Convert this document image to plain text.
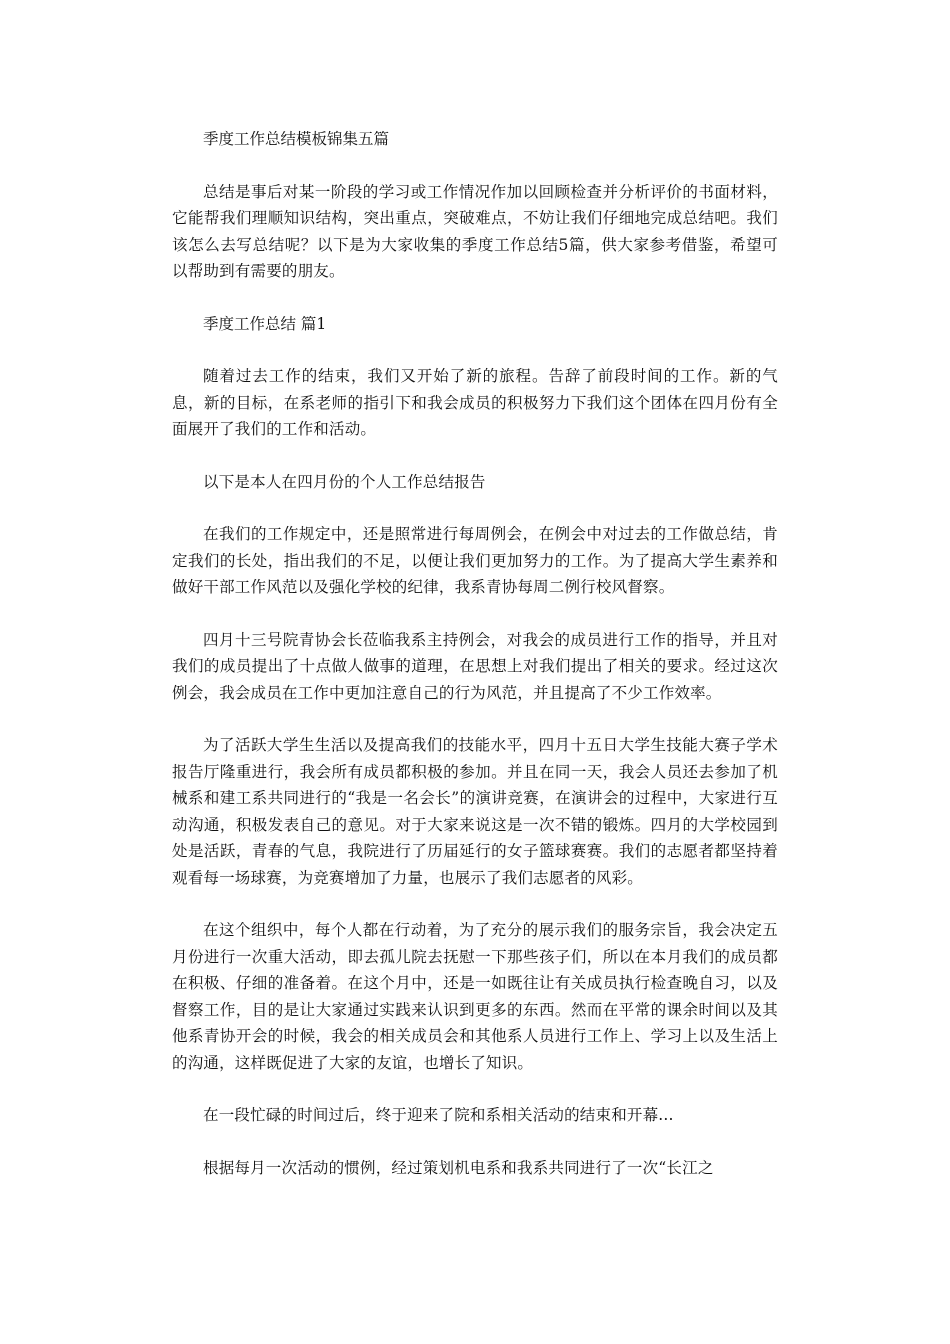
季度工作总结模板锦集五篇

总结是事后对某一阶段的学习或工作情况作加以回顾检查并分析评价的书面材料，它能帮我们理顺知识结构，突出重点，突破难点，不妨让我们仔细地完成总结吧。我们该怎么去写总结呢？以下是为大家收集的季度工作总结5篇，供大家参考借鉴，希望可以帮助到有需要的朋友。

季度工作总结 篇1

随着过去工作的结束，我们又开始了新的旅程。告辞了前段时间的工作。新的气息，新的目标，在系老师的指引下和我会成员的积极努力下我们这个团体在四月份有全面展开了我们的工作和活动。

以下是本人在四月份的个人工作总结报告

在我们的工作规定中，还是照常进行每周例会，在例会中对过去的工作做总结，肯定我们的长处，指出我们的不足，以便让我们更加努力的工作。为了提高大学生素养和做好干部工作风范以及强化学校的纪律，我系青协每周二例行校风督察。

四月十三号院青协会长莅临我系主持例会，对我会的成员进行工作的指导，并且对我们的成员提出了十点做人做事的道理，在思想上对我们提出了相关的要求。经过这次例会，我会成员在工作中更加注意自己的行为风范，并且提高了不少工作效率。

为了活跃大学生生活以及提高我们的技能水平，四月十五日大学生技能大赛子学术报告厅隆重进行，我会所有成员都积极的参加。并且在同一天，我会人员还去参加了机械系和建工系共同进行的“我是一名会长”的演讲竞赛，在演讲会的过程中，大家进行互动沟通，积极发表自己的意见。对于大家来说这是一次不错的锻炼。四月的大学校园到处是活跃，青春的气息，我院进行了历届延行的女子篮球赛赛。我们的志愿者都坚持着观看每一场球赛，为竞赛增加了力量，也展示了我们志愿者的风彩。

在这个组织中，每个人都在行动着，为了充分的展示我们的服务宗旨，我会决定五月份进行一次重大活动，即去孤儿院去抚慰一下那些孩子们，所以在本月我们的成员都在积极、仔细的准备着。在这个月中，还是一如既往让有关成员执行检查晚自习，以及督察工作，目的是让大家通过实践来认识到更多的东西。然而在平常的课余时间以及其他系青协开会的时候，我会的相关成员会和其他系人员进行工作上、学习上以及生活上的沟通，这样既促进了大家的友谊，也增长了知识。

在一段忙碌的时间过后，终于迎来了院和系相关活动的结束和开幕...

根据每月一次活动的惯例，经过策划机电系和我系共同进行了一次“长江之
